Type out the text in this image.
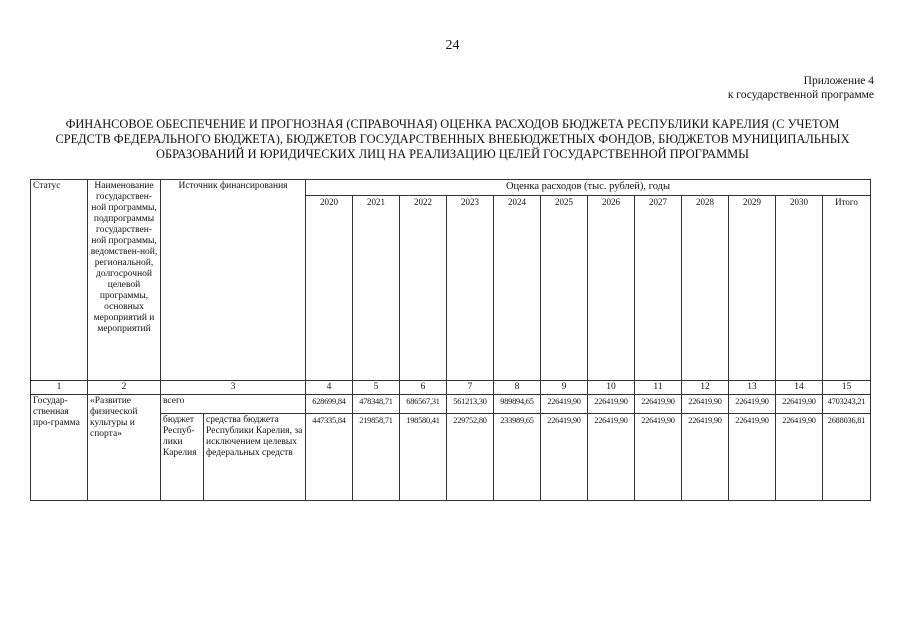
24
Приложение 4
к государственной программе
ФИНАНСОВОЕ ОБЕСПЕЧЕНИЕ И ПРОГНОЗНАЯ (СПРАВОЧНАЯ) ОЦЕНКА РАСХОДОВ БЮДЖЕТА РЕСПУБЛИКИ КАРЕЛИЯ (С УЧЕТОМ
СРЕДСТВ ФЕДЕРАЛЬНОГО БЮДЖЕТА), БЮДЖЕТОВ ГОСУДАРСТВЕННЫХ ВНЕБЮДЖЕТНЫХ ФОНДОВ, БЮДЖЕТОВ МУНИЦИПАЛЬНЫХ
ОБРАЗОВАНИЙ И ЮРИДИЧЕСКИХ ЛИЦ НА РЕАЛИЗАЦИЮ ЦЕЛЕЙ ГОСУДАРСТВЕННОЙ ПРОГРАММЫ
Статус	Наименование государствен-ной программы, подпрограммы государствен-ной программы, ведомствен-ной, региональной, долгосрочной целевой программы, основных мероприятий и мероприятий	Источник финансирования		Оценка расходов (тыс. рублей), годы											
				2020	2021	2022	2023	2024	2025	2026	2027	2028	2029	2030	Итого
1	2	3		4	5	6	7	8	9	10	11	12	13	14	15
Государ-ственная про-грамма	«Развитие физической культуры и спорта»	всего		628699,84	478348,71	686567,31	561213,30	989894,65	226419,90	226419,90	226419,90	226419,90	226419,90	226419,90	4703243,21
		бюджет Респуб-лики Карелия	средства бюджета Республики Карелия, за исключением целевых федеральных средств	447335,84	219858,71	198580,41	229752,80	233989,65	226419,90	226419,90	226419,90	226419,90	226419,90	226419,90	2688036,81
